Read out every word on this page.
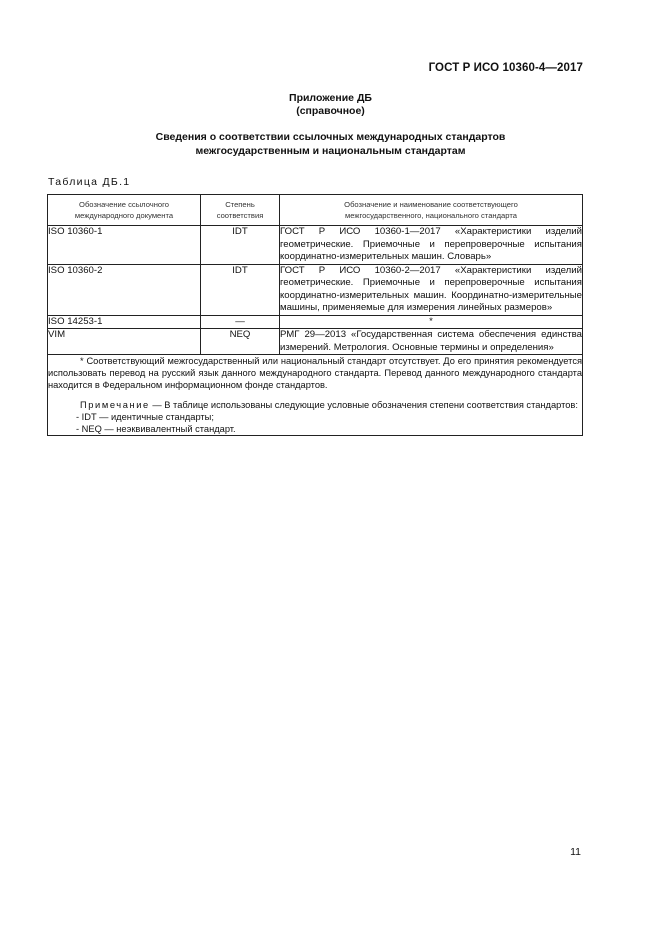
ГОСТ Р ИСО 10360-4—2017
Приложение ДБ
(справочное)
Сведения о соответствии ссылочных международных стандартов
межгосударственным и национальным стандартам
Таблица ДБ.1
Обозначение ссылочного международного документа	Степень соответствия	Обозначение и наименование соответствующего межгосударственного, национального стандарта
ISO 10360-1	IDT	ГОСТ Р ИСО 10360-1—2017 «Характеристики изделий геометрические. Приемочные и перепроверочные испытания координатно-измерительных машин. Словарь»
ISO 10360-2	IDT	ГОСТ Р ИСО 10360-2—2017 «Характеристики изделий геометрические. Приемочные и перепроверочные испытания координатно-измерительных машин. Координатно-измерительные машины, применяемые для измерения линейных размеров»
ISO 14253-1	—	*
VIM	NEQ	РМГ 29—2013 «Государственная система обеспечения единства измерений. Метрология. Основные термины и определения»

* Соответствующий межгосударственный или национальный стандарт отсутствует. До его принятия рекомендуется использовать перевод на русский язык данного международного стандарта. Перевод данного международного стандарта находится в Федеральном информационном фонде стандартов.

Примечание — В таблице использованы следующие условные обозначения степени соответствия стандартов:

- IDT — идентичные стандарты;

- NEQ — неэквивалентный стандарт.		

11
